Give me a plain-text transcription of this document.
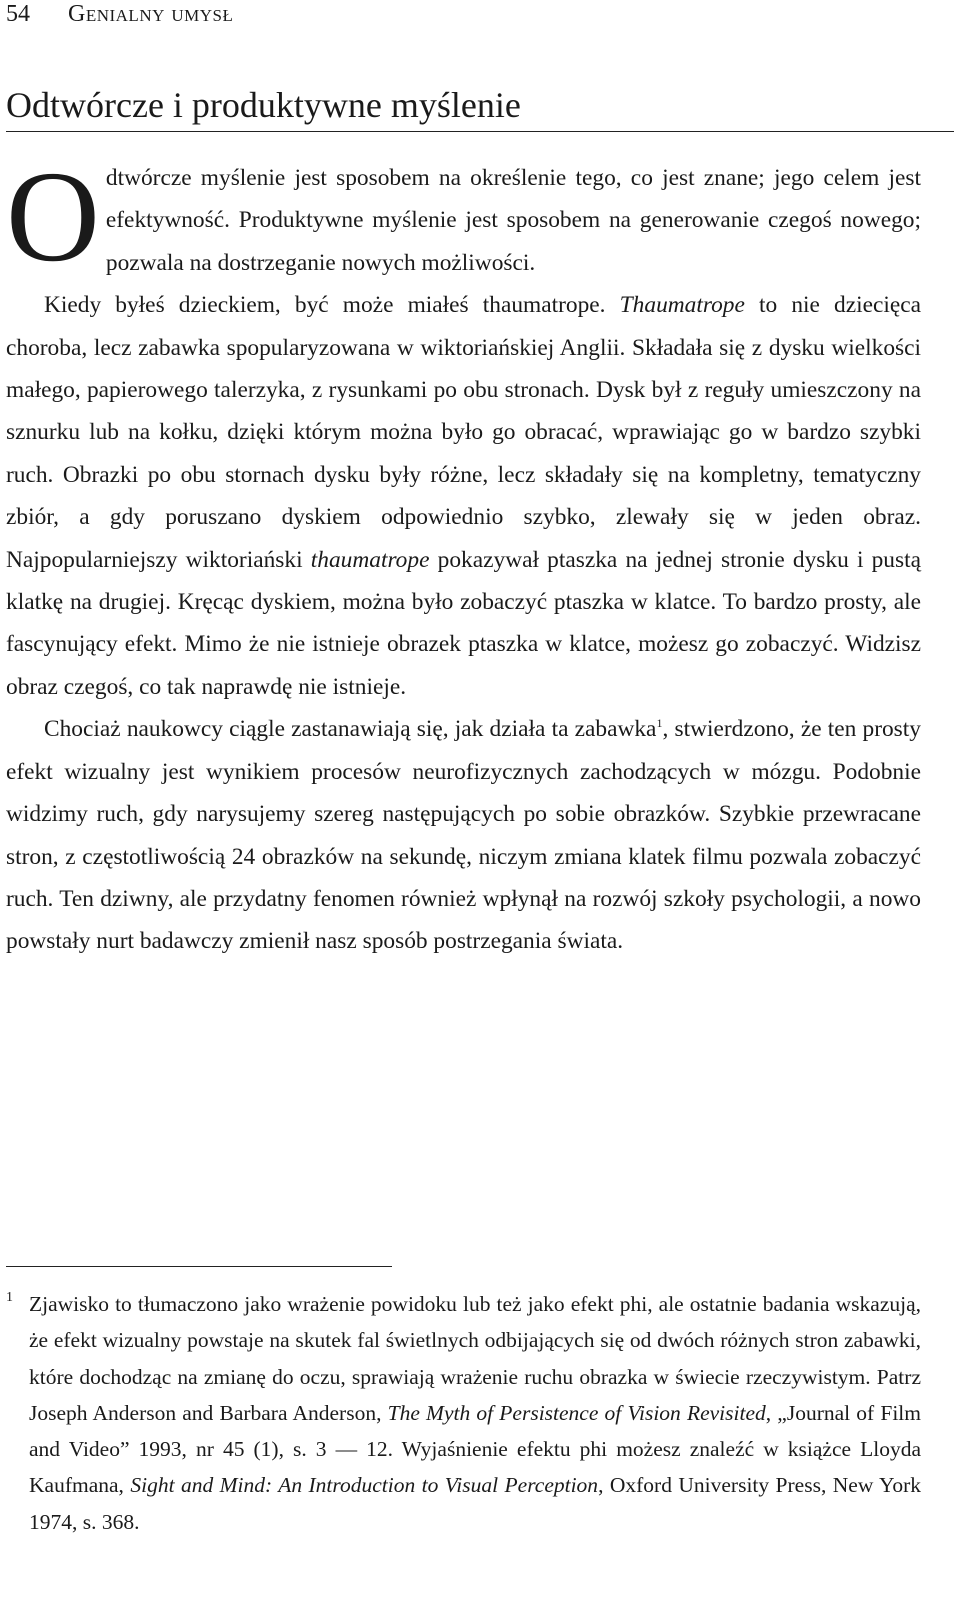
54 Genialny umysł
Odtwórcze i produktywne myślenie

Odtwórcze myślenie jest sposobem na określenie tego, co jest znane; jego celem jest efektywność. Produktywne myślenie jest sposobem na generowanie czegoś nowego; pozwala na dostrzeganie nowych możliwości.

Kiedy byłeś dzieckiem, być może miałeś thaumatrope. Thaumatrope to nie dziecięca choroba, lecz zabawka spopularyzowana w wiktoriańskiej Anglii. Składała się z dysku wielkości małego, papierowego talerzyka, z rysunkami po obu stronach. Dysk był z reguły umieszczony na sznurku lub na kołku, dzięki którym można było go obracać, wprawiając go w bardzo szybki ruch. Obrazki po obu stornach dysku były różne, lecz składały się na kompletny, tematyczny zbiór, a gdy poruszano dyskiem odpowiednio szybko, zlewały się w jeden obraz. Najpopularniejszy wiktoriański thaumatrope pokazywał ptaszka na jednej stronie dysku i pustą klatkę na drugiej. Kręcąc dyskiem, można było zobaczyć ptaszka w klatce. To bardzo prosty, ale fascynujący efekt. Mimo że nie istnieje obrazek ptaszka w klatce, możesz go zobaczyć. Widzisz obraz czegoś, co tak naprawdę nie istnieje.

Chociaż naukowcy ciągle zastanawiają się, jak działa ta zabawka$^1$, stwierdzono, że ten prosty efekt wizualny jest wynikiem procesów neurofizycznych zachodzących w mózgu. Podobnie widzimy ruch, gdy narysujemy szereg następujących po sobie obrazków. Szybkie przewracane stron, z częstotliwością 24 obrazków na sekundę, niczym zmiana klatek filmu pozwala zobaczyć ruch. Ten dziwny, ale przydatny fenomen również wpłynął na rozwój szkoły psychologii, a nowo powstały nurt badawczy zmienił nasz sposób postrzegania świata.

1 Zjawisko to tłumaczono jako wrażenie powidoku lub też jako efekt phi, ale ostatnie badania wskazują, że efekt wizualny powstaje na skutek fal świetlnych odbijających się od dwóch różnych stron zabawki, które dochodząc na zmianę do oczu, sprawiają wrażenie ruchu obrazka w świecie rzeczywistym. Patrz Joseph Anderson and Barbara Anderson, The Myth of Persistence of Vision Revisited, „Journal of Film and Video” 1993, nr 45 (1), s. 3 — 12. Wyjaśnienie efektu phi możesz znaleźć w książce Lloyda Kaufmana, Sight and Mind: An Introduction to Visual Perception, Oxford University Press, New York 1974, s. 368.
